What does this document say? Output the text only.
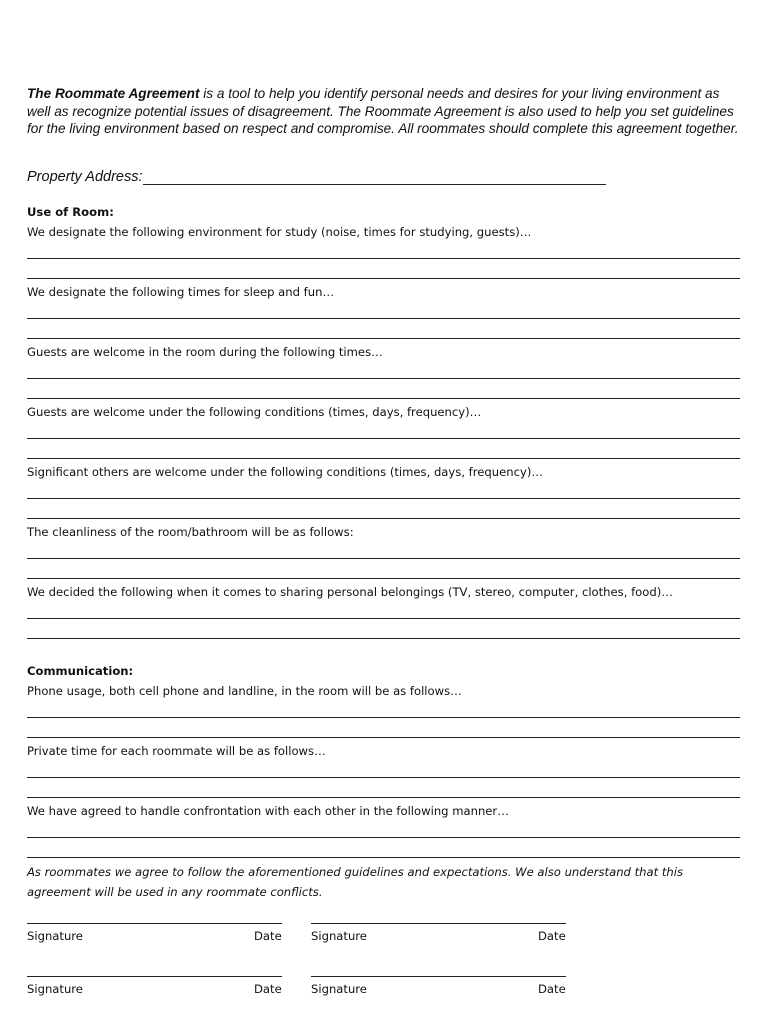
The Roommate Agreement is a tool to help you identify personal needs and desires for your living environment as well as recognize potential issues of disagreement. The Roommate Agreement is also used to help you set guidelines for the living environment based on respect and compromise. All roommates should complete this agreement together.
Property Address:
Use of Room:
We designate the following environment for study (noise, times for studying, guests)…
We designate the following times for sleep and fun…
Guests are welcome in the room during the following times…
Guests are welcome under the following conditions (times, days, frequency)…
Significant others are welcome under the following conditions (times, days, frequency)…
The cleanliness of the room/bathroom will be as follows:
We decided the following when it comes to sharing personal belongings (TV, stereo, computer, clothes, food)…
Communication:
Phone usage, both cell phone and landline, in the room will be as follows…
Private time for each roommate will be as follows…
We have agreed to handle confrontation with each other in the following manner…
As roommates we agree to follow the aforementioned guidelines and expectations. We also understand that this agreement will be used in any roommate conflicts.
Signature	Date	Signature	Date
Signature	Date	Signature	Date
